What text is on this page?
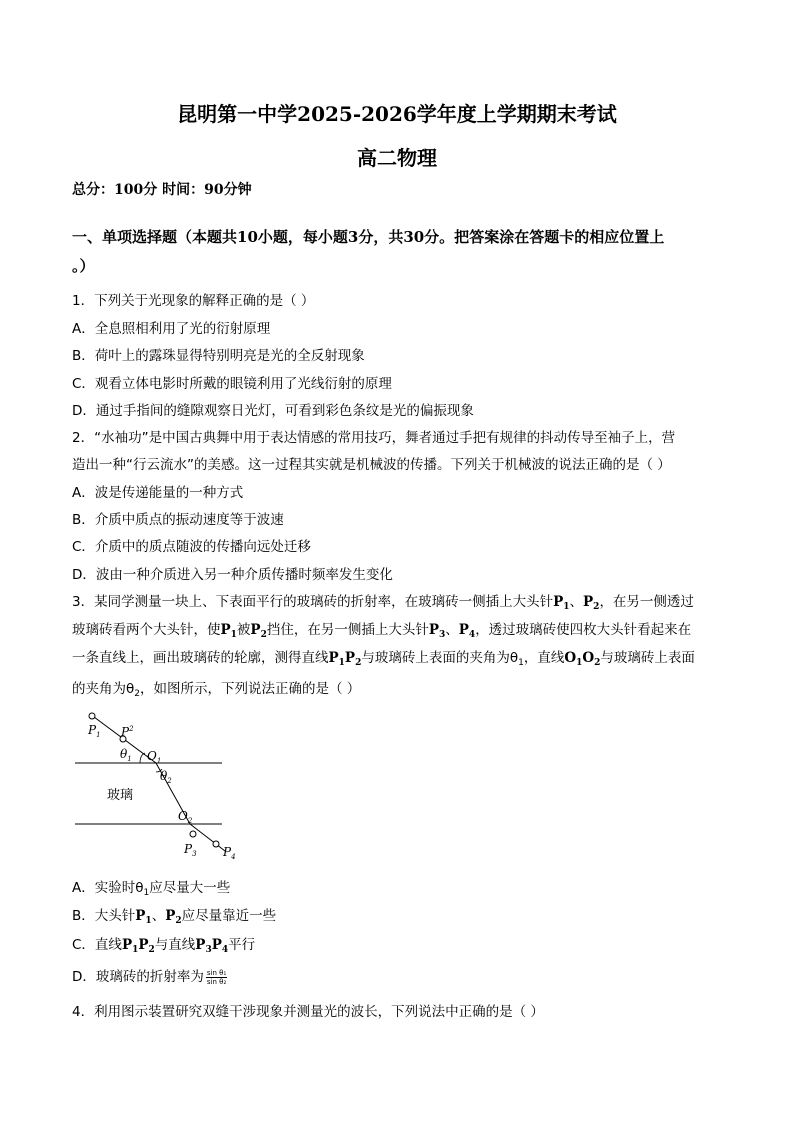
昆明第一中学2025-2026学年度上学期期末考试
高二物理
总分：100分 时间：90分钟
一、单项选择题（本题共10小题，每小题3分，共30分。把答案涂在答题卡的相应位置上
。）
1．下列关于光现象的解释正确的是（ ）
A．全息照相利用了光的衍射原理
B．荷叶上的露珠显得特别明亮是光的全反射现象
C．观看立体电影时所戴的眼镜利用了光线衍射的原理
D．通过手指间的缝隙观察日光灯，可看到彩色条纹是光的偏振现象
2．“水袖功”是中国古典舞中用于表达情感的常用技巧，舞者通过手把有规律的抖动传导至袖子上，营
造出一种“行云流水”的美感。这一过程其实就是机械波的传播。下列关于机械波的说法正确的是（ ）
A．波是传递能量的一种方式
B．介质中质点的振动速度等于波速
C．介质中的质点随波的传播向远处迁移
D．波由一种介质进入另一种介质传播时频率发生变化
3．某同学测量一块上、下表面平行的玻璃砖的折射率，在玻璃砖一侧插上大头针$P_1$、$P_2$，在另一侧透过
玻璃砖看两个大头针，使$P_1$被$P_2$挡住，在另一侧插上大头针$P_3$、$P_4$，透过玻璃砖使四枚大头针看起来在
一条直线上，画出玻璃砖的轮廓，测得直线$P_1P_2$与玻璃砖上表面的夹角为$\theta_1$，直线$O_1O_2$与玻璃砖上表面
的夹角为$\theta_2$，如图所示，下列说法正确的是（ ）
$P_1$ $P^2$
$\theta_1$ $O_1$
$\theta_2$
玻璃
$O_2$
$P_3$ $P_4$
A．实验时$\theta_1$应尽量大一些
B．大头针$P_1$、$P_2$应尽量靠近一些
C．直线$P_1P_2$与直线$P_3P_4$平行
D．玻璃砖的折射率为 $\frac{\text{sin θ₁}}{\text{sin θ₂}}$
4．利用图示装置研究双缝干涉现象并测量光的波长，下列说法中正确的是（ ）
